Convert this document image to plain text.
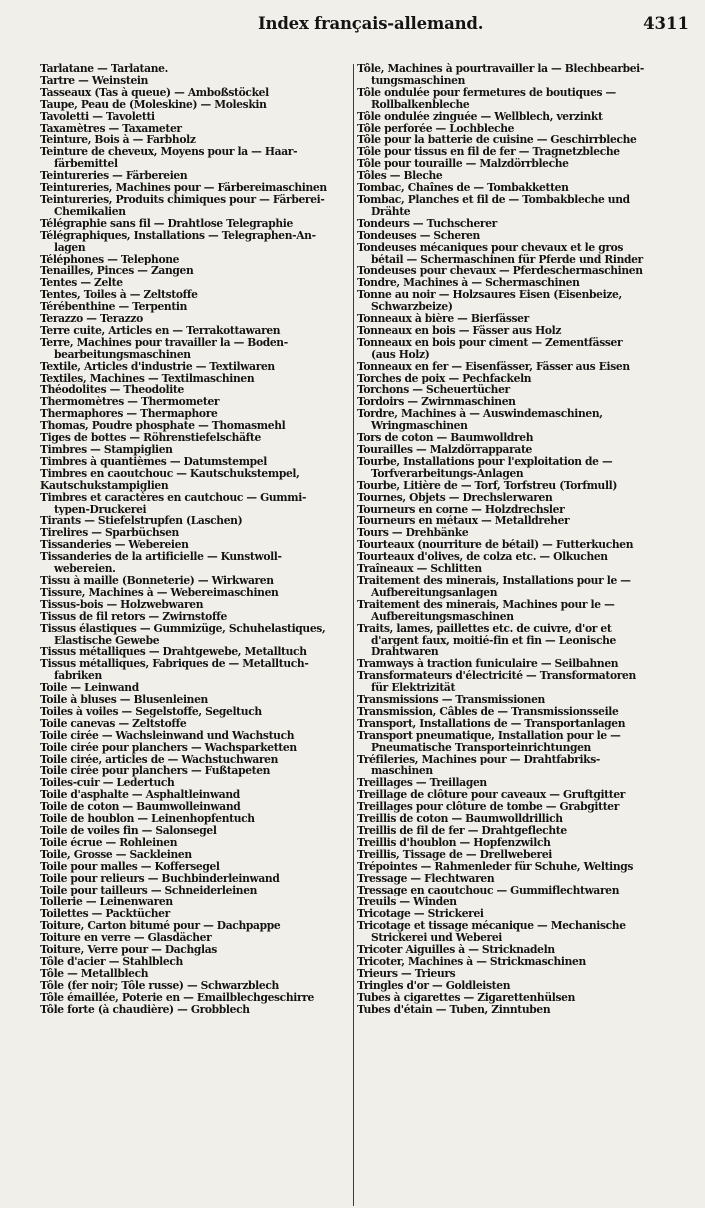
Index français-allemand.	4311
Tarlatane — Tarlatane.
Tartre — Weinstein
Tasseaux (Tas à queue) — Amboßstöckel
Taupe, Peau de (Moleskine) — Moleskin
Tavoletti — Tavoletti
Taxamètres — Taxameter
Teinture, Bois à — Farbholz
Teinture de cheveux, Moyens pour la — Haar-
färbemittel
Teintureries — Färbereien
Teintureries, Machines pour — Färbereimaschinen
Teintureries, Produits chimiques pour — Färberei-
Chemikalien
Télégraphie sans fil — Drahtlose Telegraphie
Télégraphiques, Installations — Telegraphen-An-
lagen
Téléphones — Telephone
Tenailles, Pinces — Zangen
Tentes — Zelte
Tentes, Toiles à — Zeltstoffe
Térébenthine — Terpentin
Terazzo — Terazzo
Terre cuite, Articles en — Terrakottawaren
Terre, Machines pour travailler la — Boden-
bearbeitungsmaschinen
Textile, Articles d'industrie — Textilwaren
Textiles, Machines — Textilmaschinen
Théodolites — Theodolite
Thermomètres — Thermometer
Thermaphores — Thermaphore
Thomas, Poudre phosphate — Thomasmehl
Tiges de bottes — Röhrenstiefelschäfte
Timbres — Stampiglien
Timbres à quantièmes — Datumstempel
Timbres en caoutchouc — Kautschukstempel,
Kautschukstampiglien
Timbres et caractères en cautchouc — Gummi-
typen-Druckerei
Tirants — Stiefelstrupfen (Laschen)
Tirelires — Sparbüchsen
Tissanderies — Webereien
Tissanderies de la artificielle — Kunstwoll-
webereien.
Tissu à maille (Bonneterie) — Wirkwaren
Tissure, Machines à — Webereimaschinen
Tissus-bois — Holzwebwaren
Tissus de fil retors — Zwirnstoffe
Tissus élastiques — Gummizüge, Schuhelastiques,
Elastische Gewebe
Tissus métalliques — Drahtgewebe, Metalltuch
Tissus métalliques, Fabriques de — Metalltuch-
fabriken
Toile — Leinwand
Toile à bluses — Blusenleinen
Toiles à voiles — Segelstoffe, Segeltuch
Toile canevas — Zeltstoffe
Toile cirée — Wachsleinwand und Wachstuch
Toile cirée pour planchers — Wachsparketten
Toile cirée, articles de — Wachstuchwaren
Toile cirée pour planchers — Fußtapeten
Toiles-cuir — Ledertuch
Toile d'asphalte — Asphaltleinwand
Toile de coton — Baumwolleinwand
Toile de houblon — Leinenhopfentuch
Toile de voiles fin — Salonsegel
Toile écrue — Rohleinen
Toile, Grosse — Sackleinen
Toile pour malles — Koffersegel
Toile pour relieurs — Buchbinderleinwand
Toile pour tailleurs — Schneiderleinen
Tollerie — Leinenwaren
Toilettes — Packtücher
Toiture, Carton bitumé pour — Dachpappe
Toiture en verre — Glasdächer
Toiture, Verre pour — Dachglas
Tôle d'acier — Stahlblech
Tôle — Metallblech
Tôle (fer noir; Tôle russe) — Schwarzblech
Tôle émaillée, Poterie en — Emailblechgeschirre
Tôle forte (à chaudière) — Grobblech
Tôle, Machines à pourtravailler la — Blechbearbei-
tungsmaschinen
Tôle ondulée pour fermetures de boutiques —
Rollbalkenbleche
Tôle ondulée zinguée — Wellblech, verzinkt
Tôle perforée — Lochbleche
Tôle pour la batterie de cuisine — Geschirrbleche
Tôle pour tissus en fil de fer — Tragnetzbleche
Tôle pour touraille — Malzdörrbleche
Tôles — Bleche
Tombac, Chaînes de — Tombakketten
Tombac, Planches et fil de — Tombakbleche und
Drähte
Tondeurs — Tuchscherer
Tondeuses — Scheren
Tondeuses mécaniques pour chevaux et le gros
bétail — Schermaschinen für Pferde und Rinder
Tondeuses pour chevaux — Pferdeschermaschinen
Tondre, Machines à — Schermaschinen
Tonne au noir — Holzsaures Eisen (Eisenbeize,
Schwarzbeize)
Tonneaux à bière — Bierfässer
Tonneaux en bois — Fässer aus Holz
Tonneaux en bois pour ciment — Zementfässer
(aus Holz)
Tonneaux en fer — Eisenfässer, Fässer aus Eisen
Torches de poix — Pechfackeln
Torchons — Scheuertücher
Tordoirs — Zwirnmaschinen
Tordre, Machines à — Auswindemaschinen,
Wringmaschinen
Tors de coton — Baumwolldreh
Tourailles — Malzdörrapparate
Tourbe, Installations pour l'exploitation de —
Torfverarbeitungs-Anlagen
Tourbe, Litière de — Torf, Torfstreu (Torfmull)
Tournes, Objets — Drechslerwaren
Tourneurs en corne — Holzdrechsler
Tourneurs en métaux — Metalldreher
Tours — Drehbänke
Tourteaux (nourriture de bétail) — Futterkuchen
Tourteaux d'olives, de colza etc. — Ölkuchen
Traîneaux — Schlitten
Traitement des minerais, Installations pour le —
Aufbereitungsanlagen
Traitement des minerais, Machines pour le —
Aufbereitungsmaschinen
Traits, lames, paillettes etc. de cuivre, d'or et
d'argent faux, moitié-fin et fin — Leonische
Drahtwaren
Tramways à traction funiculaire — Seilbahnen
Transformateurs d'électricité — Transformatoren
für Elektrizität
Transmissions — Transmissionen
Transmission, Câbles de — Transmissionsseile
Transport, Installations de — Transportanlagen
Transport pneumatique, Installation pour le —
Pneumatische Transporteinrichtungen
Tréfileries, Machines pour — Drahtfabriks-
maschinen
Treillages — Treillagen
Treillage de clôture pour caveaux — Gruftgitter
Treillages pour clôture de tombe — Grabgitter
Treillis de coton — Baumwolldrillich
Treillis de fil de fer — Drahtgeflechte
Treillis d'houblon — Hopfenzwilch
Treillis, Tissage de — Drellweberei
Trépointes — Rahmenleder für Schuhe, Weltings
Tressage — Flechtwaren
Tressage en caoutchouc — Gummiflechtwaren
Treuils — Winden
Tricotage — Strickerei
Tricotage et tissage mécanique — Mechanische
Strickerei und Weberei
Tricoter Aiguilles à — Stricknadeln
Tricoter, Machines à — Strickmaschinen
Trieurs — Trieurs
Tringles d'or — Goldleisten
Tubes à cigarettes — Zigarettenhülsen
Tubes d'étain — Tuben, Zinntuben
